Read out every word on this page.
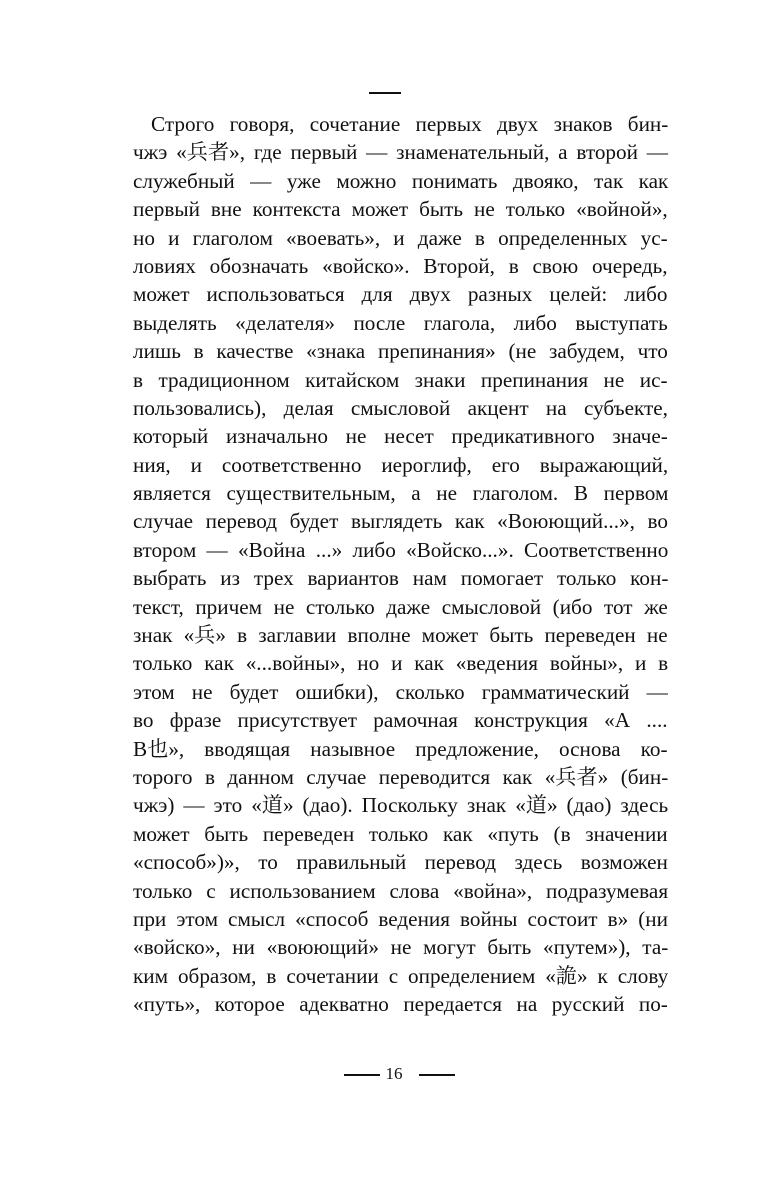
Строго говоря, сочетание первых двух знаков бин-
чжэ «兵者», где первый — знаменательный, а второй —
служебный — уже можно понимать двояко, так как
первый вне контекста может быть не только «войной»,
но и глаголом «воевать», и даже в определенных ус-
ловиях обозначать «войско». Второй, в свою очередь,
может использоваться для двух разных целей: либо
выделять «делателя» после глагола, либо выступать
лишь в качестве «знака препинания» (не забудем, что
в традиционном китайском знаки препинания не ис-
пользовались), делая смысловой акцент на субъекте,
который изначально не несет предикативного значе-
ния, и соответственно иероглиф, его выражающий,
является существительным, а не глаголом. В первом
случае перевод будет выглядеть как «Воюющий...», во
втором — «Война ...» либо «Войско...». Соответственно
выбрать из трех вариантов нам помогает только кон-
текст, причем не столько даже смысловой (ибо тот же
знак «兵» в заглавии вполне может быть переведен не
только как «...войны», но и как «ведения войны», и в
этом не будет ошибки), сколько грамматический —
во фразе присутствует рамочная конструкция «А ....
B也», вводящая назывное предложение, основа ко-
торого в данном случае переводится как «兵者» (бин-
чжэ) — это «道» (дао). Поскольку знак «道» (дао) здесь
может быть переведен только как «путь (в значении
«способ»)», то правильный перевод здесь возможен
только с использованием слова «война», подразумевая
при этом смысл «способ ведения войны состоит в» (ни
«войско», ни «воюющий» не могут быть «путем»), та-
ким образом, в сочетании с определением «詭» к слову
«путь», которое адекватно передается на русский по-
16
